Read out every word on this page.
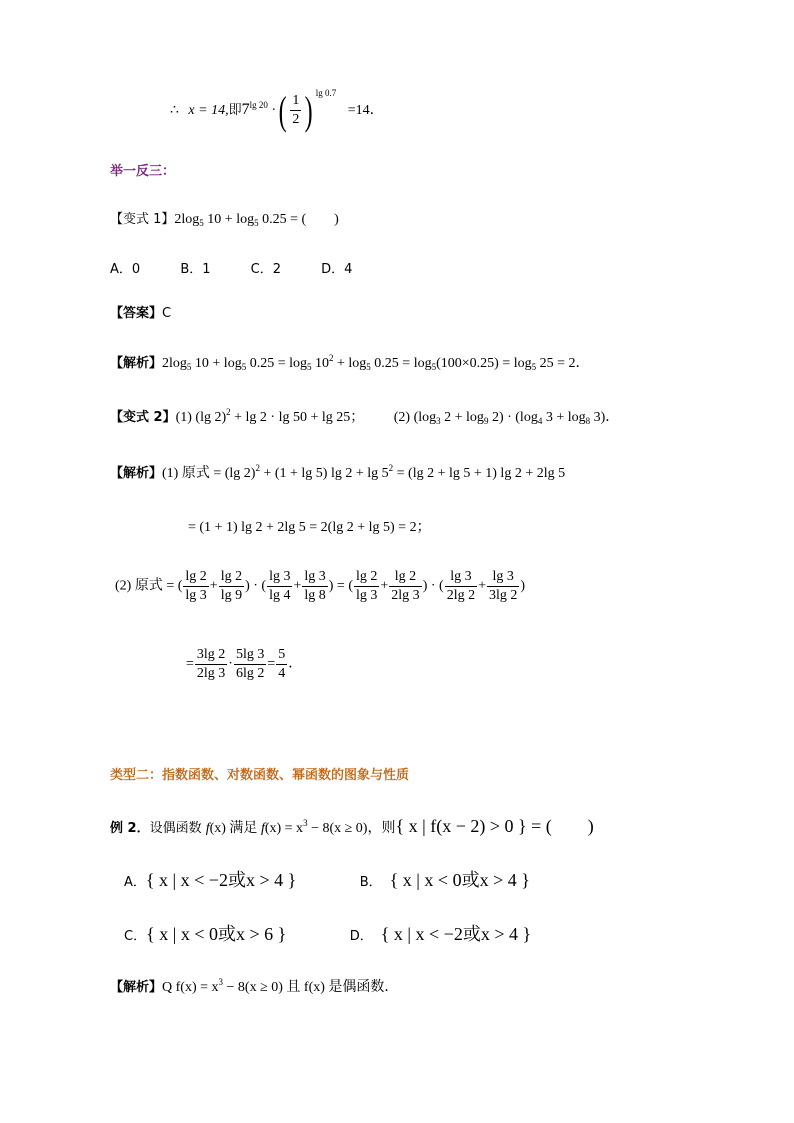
∴ x = 14,即$7^{lg 20}$ ·( $\frac{1}{2}$ ) $^{lg 0.7}$ =14．
举一反三：
【变式 1】$2\log_5$ $10 + \log_5 0.25$ = (　　)
A．0	B．1	C．2	D．4
【答案】C
【解析】$2\log_5$ $10 + \log_5 0.25 = \log_5 10^2 + \log_5 0.25 = \log_5(100\times 0.25) = \log_5 25 = 2$．
【变式 2】(1) (lg 2)$^2$ + lg 2 · lg 50 + lg 25； (2) ($\log_3$ $2 + \log_9 2) \cdot (\log_4$ $3 + \log_8 3$)．
【解析】(1) 原式 = (lg 2)$^2$ + (1 + lg 5) $\lg 2 + \lg 5^2 = (\lg$ 2 + lg 5 + 1) lg 2 + 2lg 5
= (1 + 1) lg 2 + 2lg 5 = 2(lg 2 + lg 5) = 2；
(2) 原式 = ( $\frac{\lg 2}{\lg 3} + \frac{\lg 2}{\lg 9}$ ) · ( $\frac{\lg 3}{\lg 4} + \frac{\lg 3}{\lg 8}$ ) = ( $\frac{\lg 2}{\lg 3} + \frac{\lg 2}{2\lg 3}$ ) · ( $\frac{\lg 3}{2\lg 2} + \frac{\lg 3}{3\lg 2}$ )
= $\frac{3\lg 2}{2\lg 3} \cdot \frac{5\lg 3}{6\lg 2} = \frac{5}{4}$ ．
类型二：指数函数、对数函数、幂函数的图象与性质
例 2．设偶函数 f(x) 满足 $f(x) = x^3 - 8(x \ge 0)$，则{ x | f(x − 2) > 0 } = (　　)
A．{ x | x < −2或x > 4 }	B． { x | x < 0或x > 4 }
C．{ x | x < 0或x > 6 }	D． { x | x < −2或x > 4 }
【解析】Q $f(x) = x^3 - 8(x \ge 0)$ 且 f(x) 是偶函数．
